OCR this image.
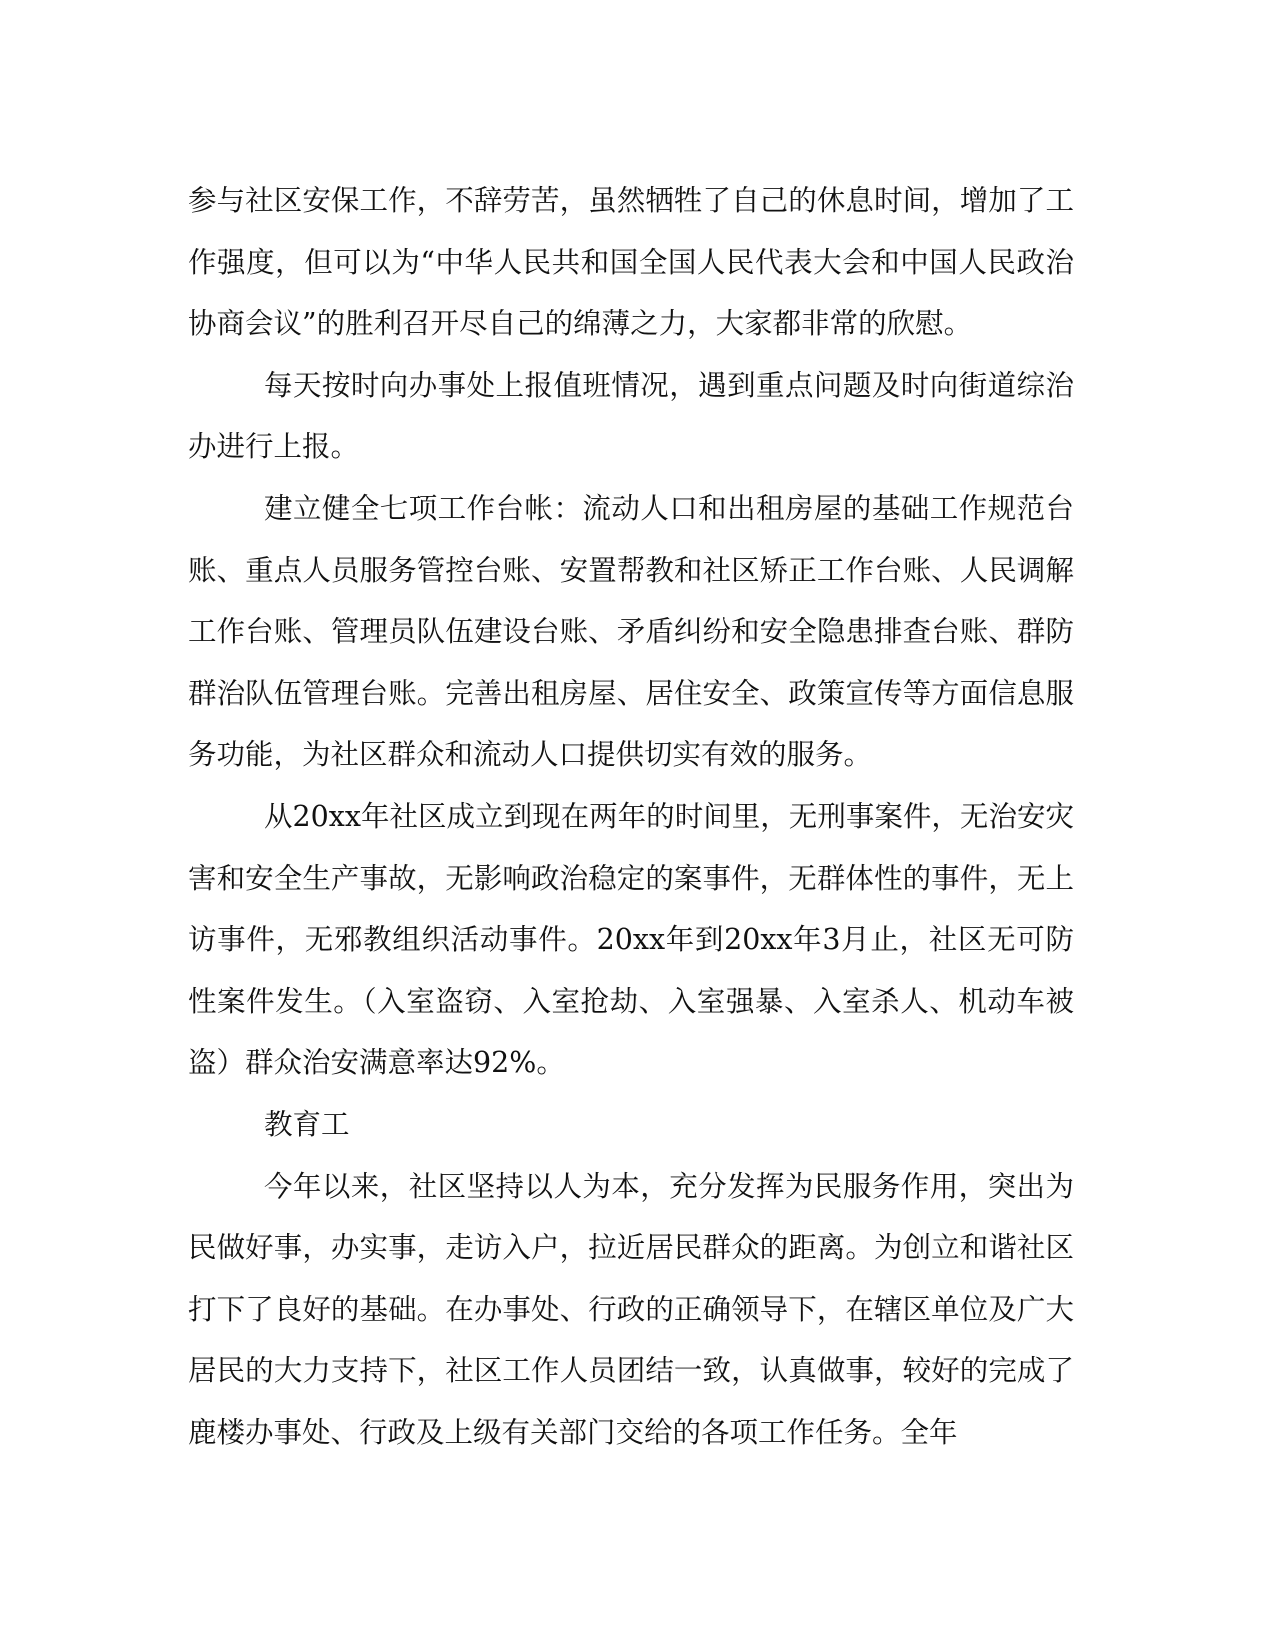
参与社区安保工作，不辞劳苦，虽然牺牲了自己的休息时间，增加了工作强度，但可以为“中华人民共和国全国人民代表大会和中国人民政治协商会议”的胜利召开尽自己的绵薄之力，大家都非常的欣慰。

每天按时向办事处上报值班情况，遇到重点问题及时向街道综治办进行上报。

建立健全七项工作台帐：流动人口和出租房屋的基础工作规范台账、重点人员服务管控台账、安置帮教和社区矫正工作台账、人民调解工作台账、管理员队伍建设台账、矛盾纠纷和安全隐患排查台账、群防群治队伍管理台账。完善出租房屋、居住安全、政策宣传等方面信息服务功能，为社区群众和流动人口提供切实有效的服务。

从20xx年社区成立到现在两年的时间里，无刑事案件，无治安灾害和安全生产事故，无影响政治稳定的案事件，无群体性的事件，无上访事件，无邪教组织活动事件。20xx年到20xx年3月止，社区无可防性案件发生。（入室盗窃、入室抢劫、入室强暴、入室杀人、机动车被盗）群众治安满意率达92%。

教育工

今年以来，社区坚持以人为本，充分发挥为民服务作用，突出为民做好事，办实事，走访入户，拉近居民群众的距离。为创立和谐社区打下了良好的基础。在办事处、行政的正确领导下，在辖区单位及广大居民的大力支持下，社区工作人员团结一致，认真做事，较好的完成了鹿楼办事处、行政及上级有关部门交给的各项工作任务。全年
